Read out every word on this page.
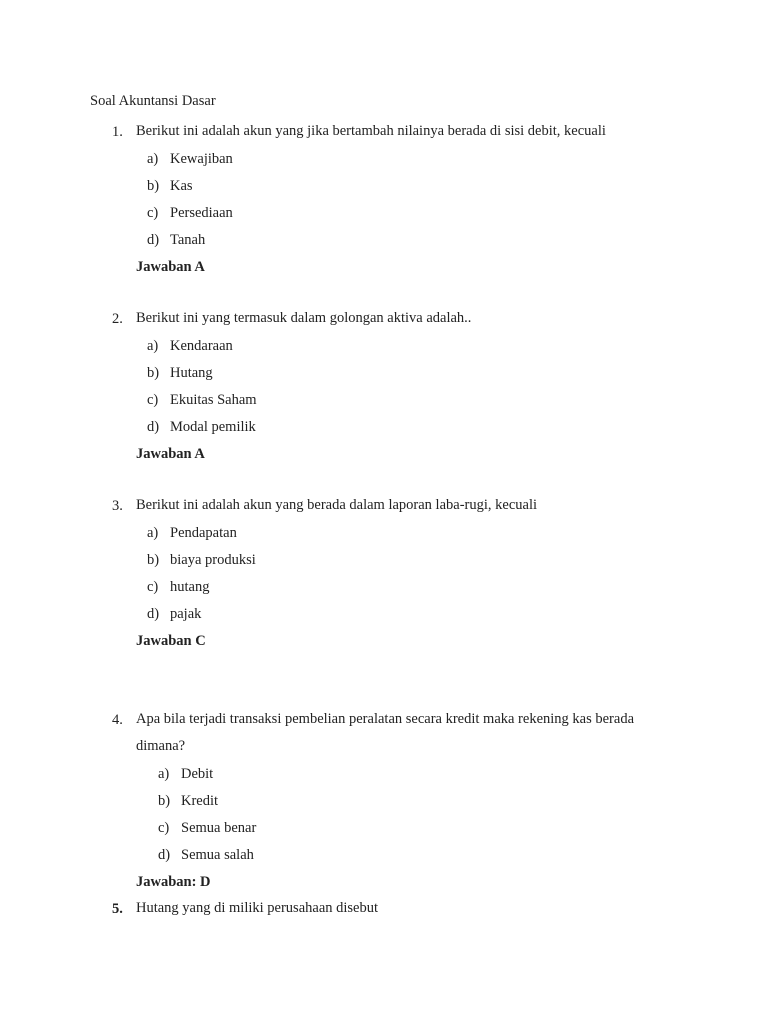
Soal Akuntansi Dasar
1. Berikut ini adalah akun yang jika bertambah nilainya berada di sisi debit, kecuali
a) Kewajiban
b) Kas
c) Persediaan
d) Tanah
Jawaban A
2. Berikut ini yang termasuk dalam golongan aktiva adalah..
a) Kendaraan
b) Hutang
c) Ekuitas Saham
d) Modal pemilik
Jawaban A
3. Berikut ini adalah akun yang berada dalam laporan laba-rugi, kecuali
a) Pendapatan
b) biaya produksi
c) hutang
d) pajak
Jawaban C
4. Apa bila terjadi transaksi pembelian peralatan secara kredit maka rekening kas berada dimana?
a) Debit
b) Kredit
c) Semua benar
d) Semua salah
Jawaban: D
5. Hutang yang di miliki perusahaan disebut
